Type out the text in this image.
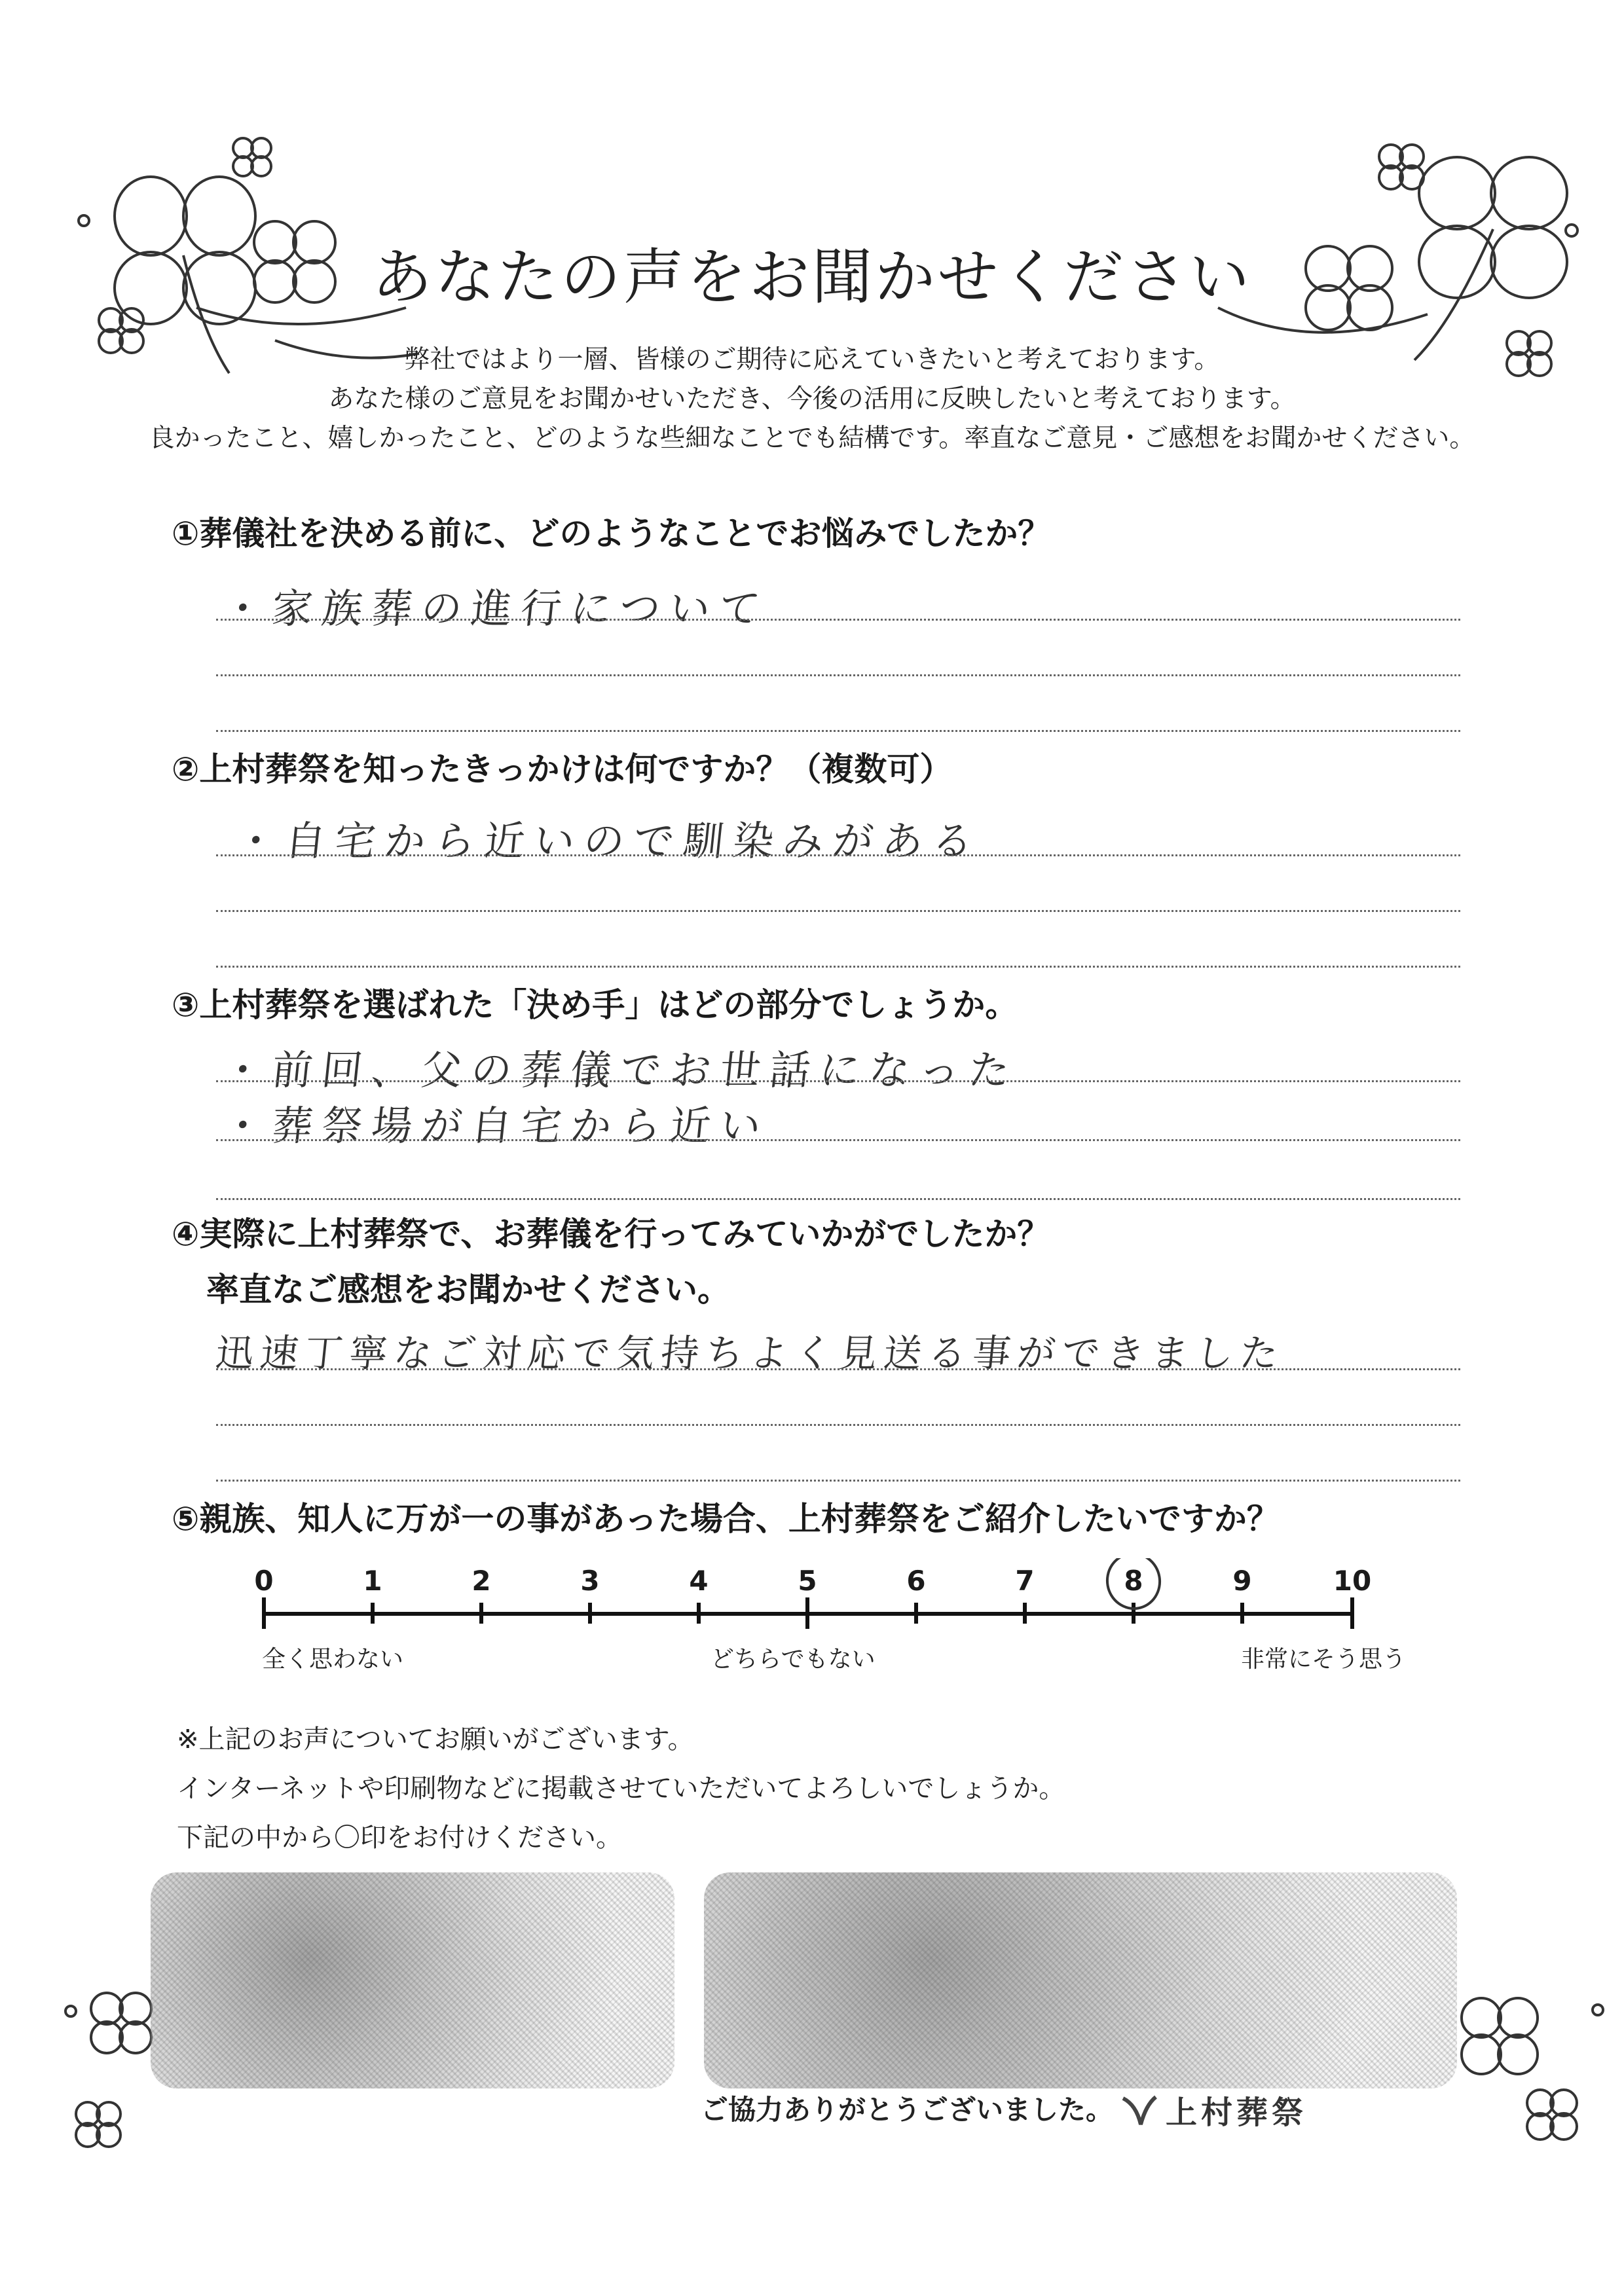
あなたの声をお聞かせください
弊社ではより一層、皆様のご期待に応えていきたいと考えております。
あなた様のご意見をお聞かせいただき、今後の活用に反映したいと考えております。
良かったこと、嬉しかったこと、どのような些細なことでも結構です。率直なご意見・ご感想をお聞かせください。
①葬儀社を決める前に、どのようなことでお悩みでしたか？
・家族葬の進行について
②上村葬祭を知ったきっかけは何ですか？（複数可）
・自宅から近いので馴染みがある
③上村葬祭を選ばれた「決め手」はどの部分でしょうか。
・前回、父の葬儀でお世話になった
・葬祭場が自宅から近い
④実際に上村葬祭で、お葬儀を行ってみていかがでしたか？
率直なご感想をお聞かせください。
迅速丁寧なご対応で気持ちよく見送る事ができました
⑤親族、知人に万が一の事があった場合、上村葬祭をご紹介したいですか？
0	1	2	3	4	5	6	7	8	9	10
全く思わない	どちらでもない	非常にそう思う
※上記のお声についてお願いがございます。
インターネットや印刷物などに掲載させていただいてよろしいでしょうか。
下記の中から〇印をお付けください。
ご協力ありがとうございました。 上村葬祭
